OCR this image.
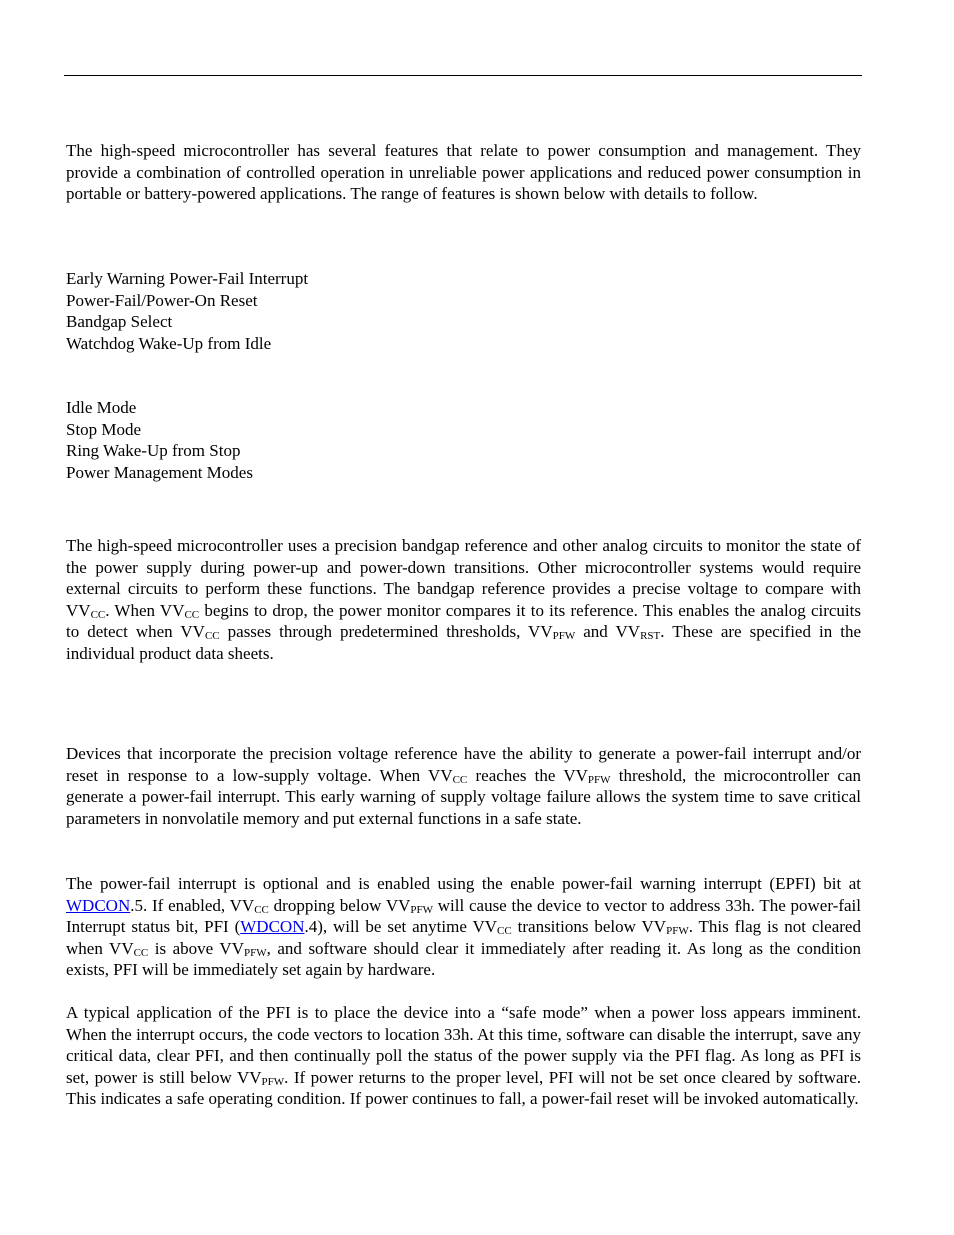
The high-speed microcontroller has several features that relate to power consumption and management. They provide a combination of controlled operation in unreliable power applications and reduced power consumption in portable or battery-powered applications. The range of features is shown below with details to follow.

Early Warning Power-Fail Interrupt
Power-Fail/Power-On Reset
Bandgap Select
Watchdog Wake-Up from Idle
Idle Mode
Stop Mode
Ring Wake-Up from Stop
Power Management Modes

The high-speed microcontroller uses a precision bandgap reference and other analog circuits to monitor the state of the power supply during power-up and power-down transitions. Other microcontroller systems would require external circuits to perform these functions. The bandgap reference provides a precise voltage to compare with $VV_{CC}$. When $VV_{CC}$ begins to drop, the power monitor compares it to its reference. This enables the analog circuits to detect when $VV_{CC}$ passes through predetermined thresholds, $VV_{PFW}$ and $VV_{RST}$. These are specified in the individual product data sheets.

Devices that incorporate the precision voltage reference have the ability to generate a power-fail interrupt and/or reset in response to a low-supply voltage. When $VV_{CC}$ reaches the $VV_{PFW}$ threshold, the microcontroller can generate a power-fail interrupt. This early warning of supply voltage failure allows the system time to save critical parameters in nonvolatile memory and put external functions in a safe state.

The power-fail interrupt is optional and is enabled using the enable power-fail warning interrupt (EPFI) bit at WDCON.5. If enabled, $VV_{CC}$ dropping below $VV_{PFW}$ will cause the device to vector to address 33h. The power-fail Interrupt status bit, PFI (WDCON.4), will be set anytime $VV_{CC}$ transitions below $VV_{PFW}$. This flag is not cleared when $VV_{CC}$ is above $VV_{PFW}$, and software should clear it immediately after reading it. As long as the condition exists, PFI will be immediately set again by hardware.

A typical application of the PFI is to place the device into a “safe mode” when a power loss appears imminent. When the interrupt occurs, the code vectors to location 33h. At this time, software can disable the interrupt, save any critical data, clear PFI, and then continually poll the status of the power supply via the PFI flag. As long as PFI is set, power is still below $VV_{PFW}$. If power returns to the proper level, PFI will not be set once cleared by software. This indicates a safe operating condition. If power continues to fall, a power-fail reset will be invoked automatically.
